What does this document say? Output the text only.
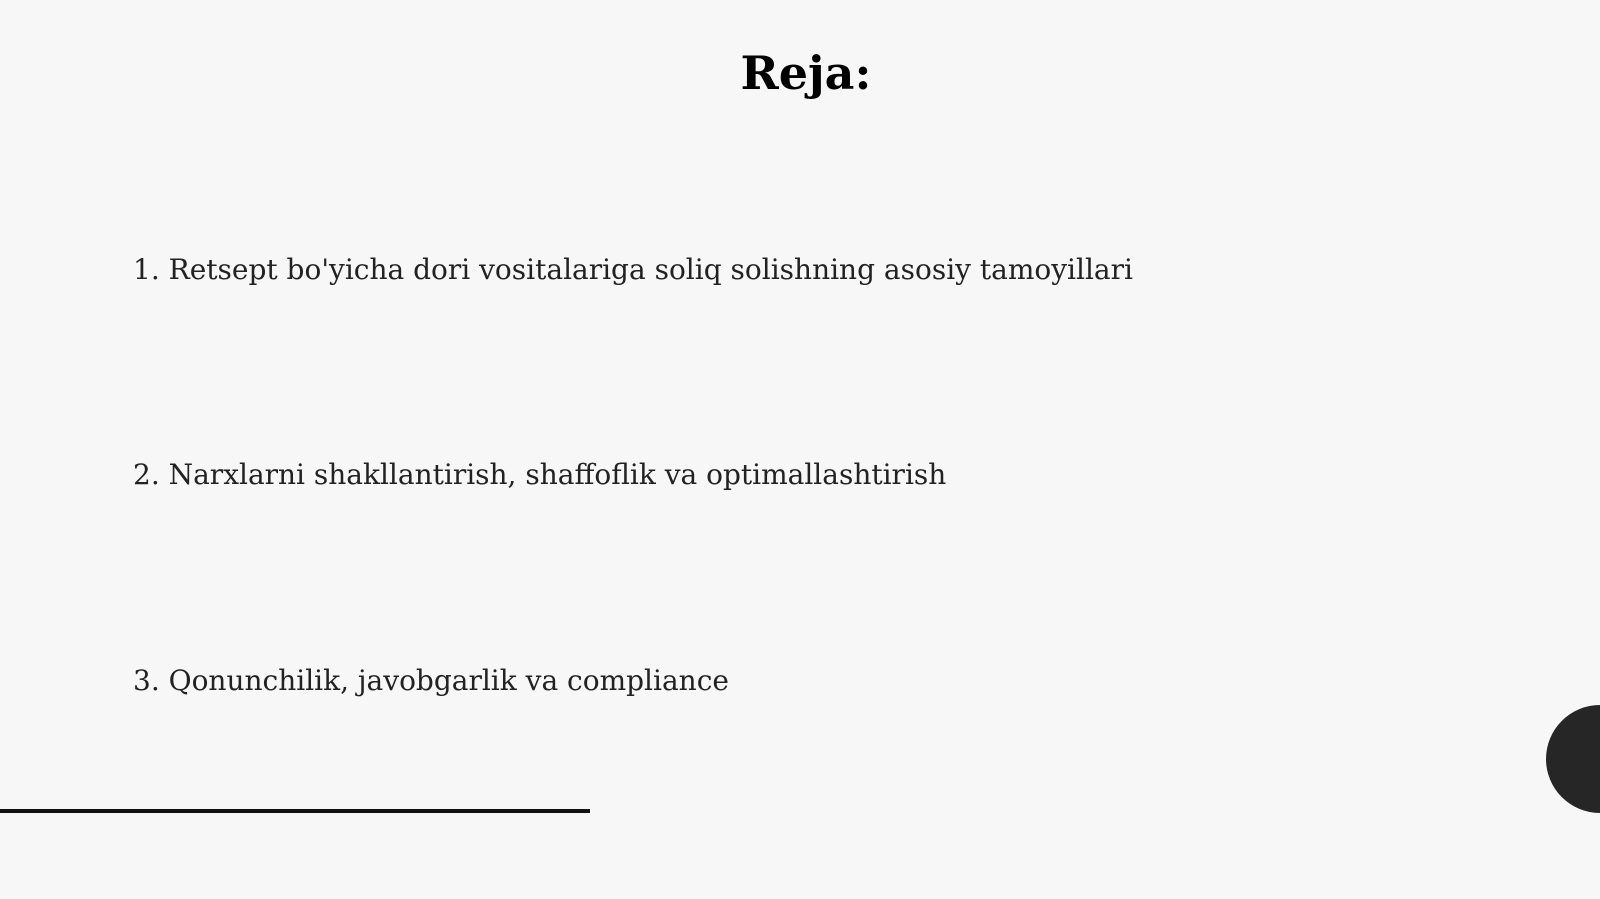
Reja:
1. Retsept bo'yicha dori vositalariga soliq solishning asosiy tamoyillari
2. Narxlarni shakllantirish, shaffoflik va optimallashtirish
3. Qonunchilik, javobgarlik va compliance
